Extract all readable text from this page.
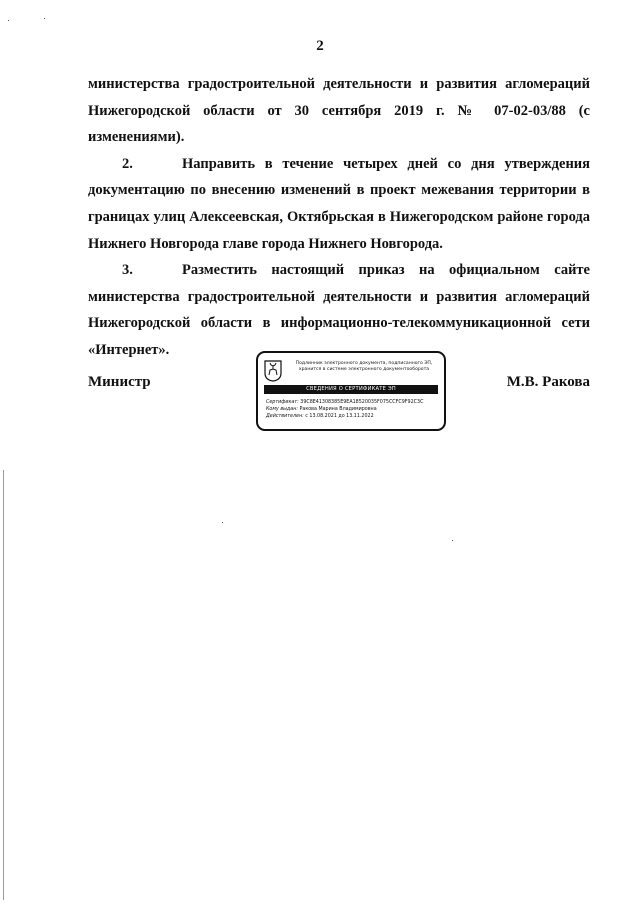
2

министерства градостроительной деятельности и развития агломераций Нижегородской области от 30 сентября 2019 г. № 07-02-03/88 (с изменениями).

2.	Направить в течение четырех дней со дня утверждения документацию по внесению изменений в проект межевания территории в границах улиц Алексеевская, Октябрьская в Нижегородском районе города Нижнего Новгорода главе города Нижнего Новгорода.

3.	Разместить настоящий приказ на официальном сайте министерства градостроительной деятельности и развития агломераций Нижегородской области в информационно-телекоммуникационной сети «Интернет».

Министр	М.В. Ракова
Подлинник электронного документа, подписанного ЭП, хранится в системе электронного документооборота
СВЕДЕНИЯ О СЕРТИФИКАТЕ ЭП
Сертификат: 39C8E41308385E9EA18520035F075CCFC9F92C3C
Кому выдан: Ракова Марина Владимировна
Действителен: с 13.08.2021 до 13.11.2022
